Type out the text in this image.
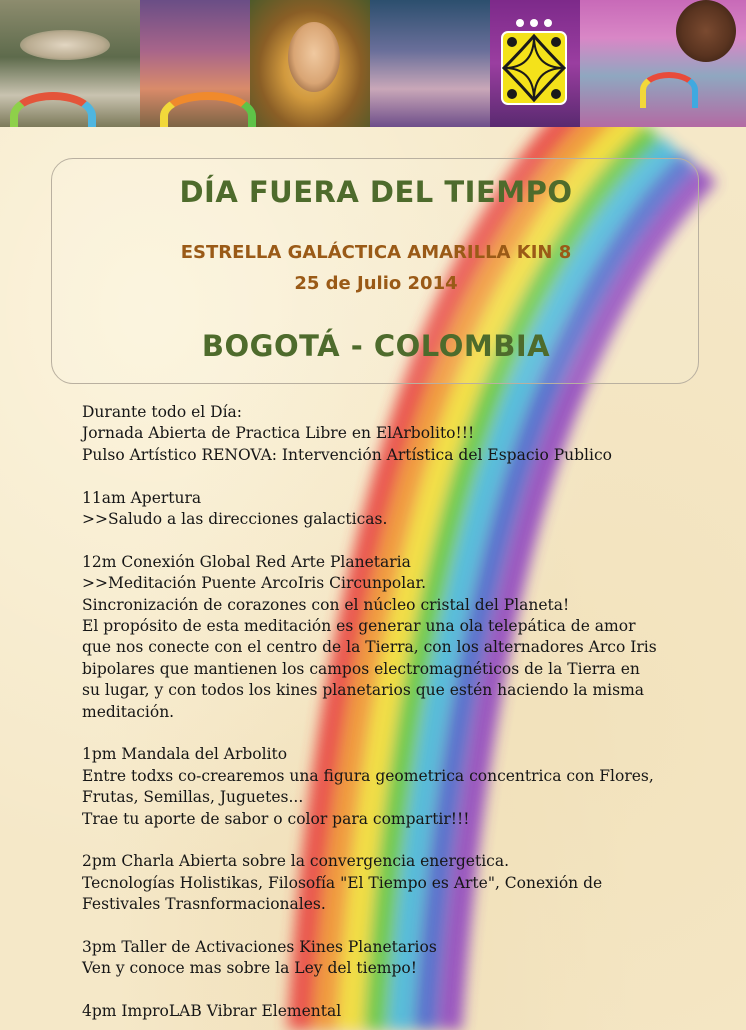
DÍA FUERA DEL TIEMPO
ESTRELLA GALÁCTICA AMARILLA KIN 8
25 de Julio 2014
BOGOTÁ - COLOMBIA
Durante todo el Día:
Jornada Abierta de Practica Libre en ElArbolito!!!
Pulso Artístico RENOVA: Intervención Artística del Espacio Publico
11am Apertura
>>Saludo a las direcciones galacticas.
12m Conexión Global Red Arte Planetaria
>>Meditación Puente ArcoIris Circunpolar.
Sincronización de corazones con el núcleo cristal del Planeta!
El propósito de esta meditación es generar una ola telepática de amor
que nos conecte con el centro de la Tierra, con los alternadores Arco Iris
bipolares que mantienen los campos electromagnéticos de la Tierra en
su lugar, y con todos los kines planetarios que estén haciendo la misma
meditación.
1pm Mandala del Arbolito
Entre todxs co-crearemos una figura geometrica concentrica con Flores,
Frutas, Semillas, Juguetes...
Trae tu aporte de sabor o color para compartir!!!
2pm Charla Abierta sobre la convergencia energetica.
Tecnologías Holistikas, Filosofía "El Tiempo es Arte", Conexión de
Festivales Trasnformacionales.
3pm Taller de Activaciones Kines Planetarios
Ven y conoce mas sobre la Ley del tiempo!
4pm ImproLAB Vibrar Elemental
